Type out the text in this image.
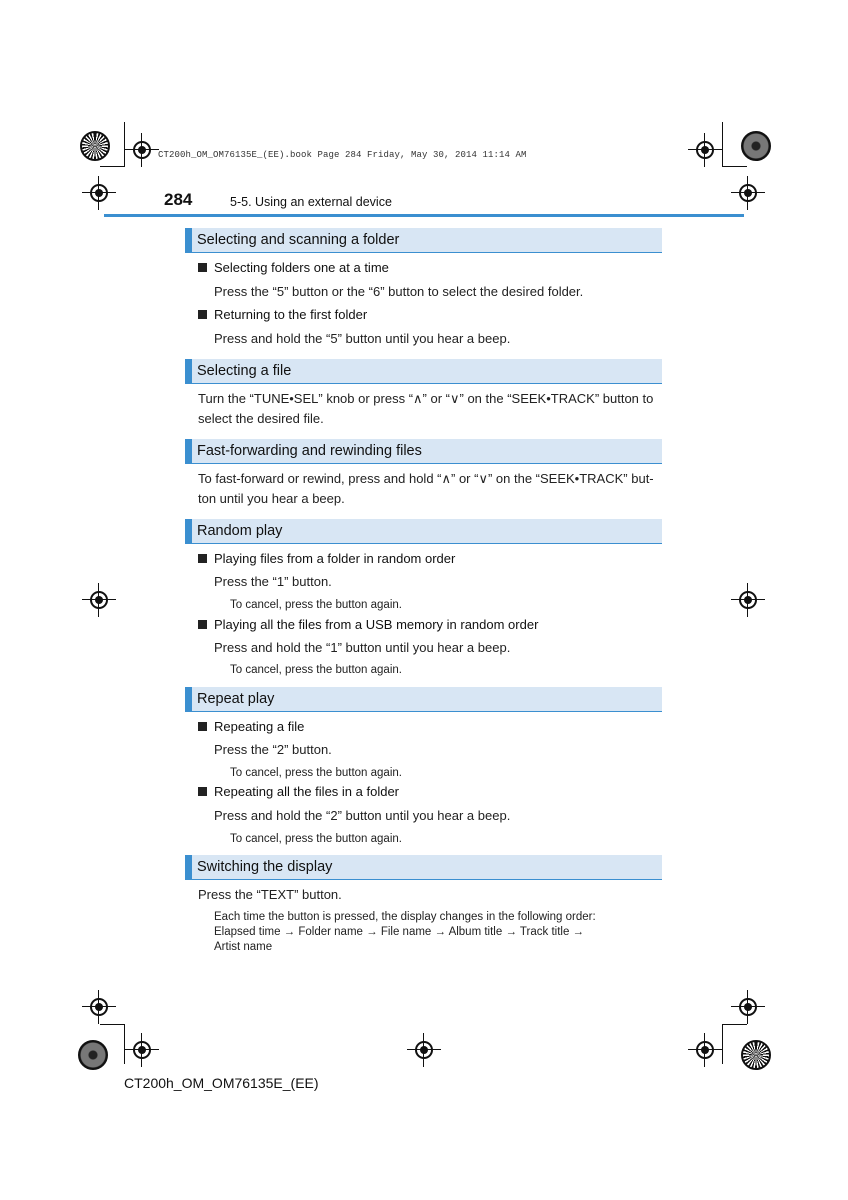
CT200h_OM_OM76135E_(EE).book Page 284 Friday, May 30, 2014 11:14 AM
284	5-5. Using an external device
Selecting and scanning a folder
Selecting folders one at a time
Press the “5” button or the “6” button to select the desired folder.
Returning to the first folder
Press and hold the “5” button until you hear a beep.
Selecting a file
Turn the “TUNE•SEL” knob or press “∧” or “∨” on the “SEEK•TRACK” button to select the desired file.
Fast-forwarding and rewinding files
To fast-forward or rewind, press and hold “∧” or “∨” on the “SEEK•TRACK” but-ton until you hear a beep.
Random play
Playing files from a folder in random order
Press the “1” button.
To cancel, press the button again.
Playing all the files from a USB memory in random order
Press and hold the “1” button until you hear a beep.
To cancel, press the button again.
Repeat play
Repeating a file
Press the “2” button.
To cancel, press the button again.
Repeating all the files in a folder
Press and hold the “2” button until you hear a beep.
To cancel, press the button again.
Switching the display
Press the “TEXT” button.
Each time the button is pressed, the display changes in the following order:
Elapsed time → Folder name → File name → Album title → Track title →
Artist name
CT200h_OM_OM76135E_(EE)
